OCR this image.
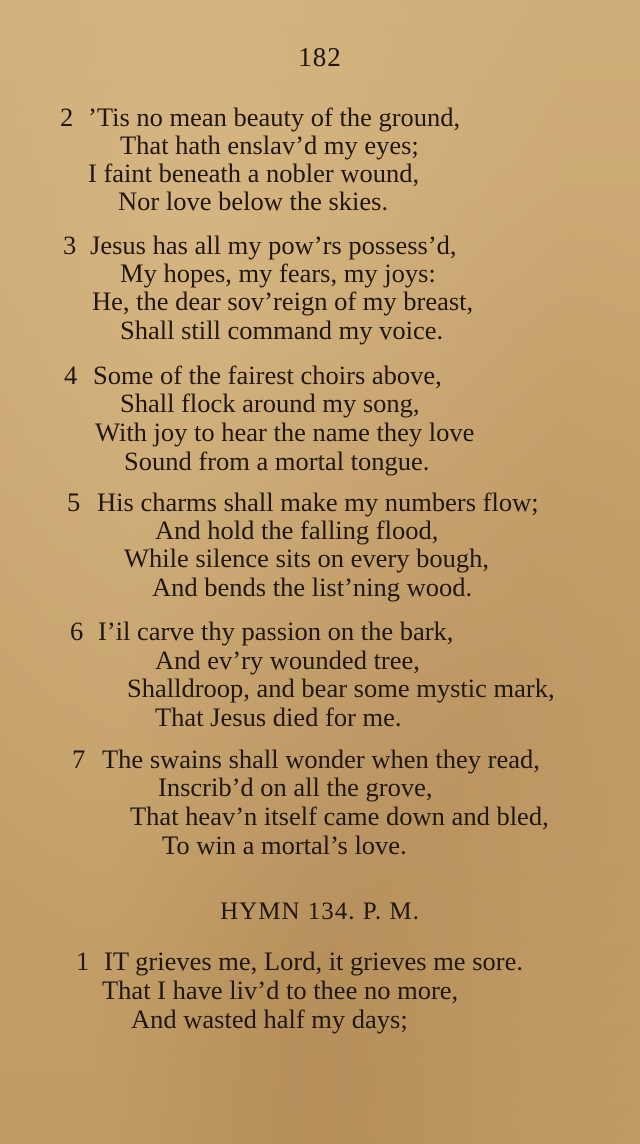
182
2 ’Tis no mean beauty of the ground,
That hath enslav’d my eyes;
I faint beneath a nobler wound,
Nor love below the skies.
3 Jesus has all my pow’rs possess’d,
My hopes, my fears, my joys:
He, the dear sov’reign of my breast,
Shall still command my voice.
4 Some of the fairest choirs above,
Shall flock around my song,
With joy to hear the name they love
Sound from a mortal tongue.
5 His charms shall make my numbers flow;
And hold the falling flood,
While silence sits on every bough,
And bends the list’ning wood.
6 I’il carve thy passion on the bark,
And ev’ry wounded tree,
Shalldroop, and bear some mystic mark,
That Jesus died for me.
7 The swains shall wonder when they read,
Inscrib’d on all the grove,
That heav’n itself came down and bled,
To win a mortal’s love.
HYMN 134. P. M.
1 IT grieves me, Lord, it grieves me sore.
That I have liv’d to thee no more,
And wasted half my days;
